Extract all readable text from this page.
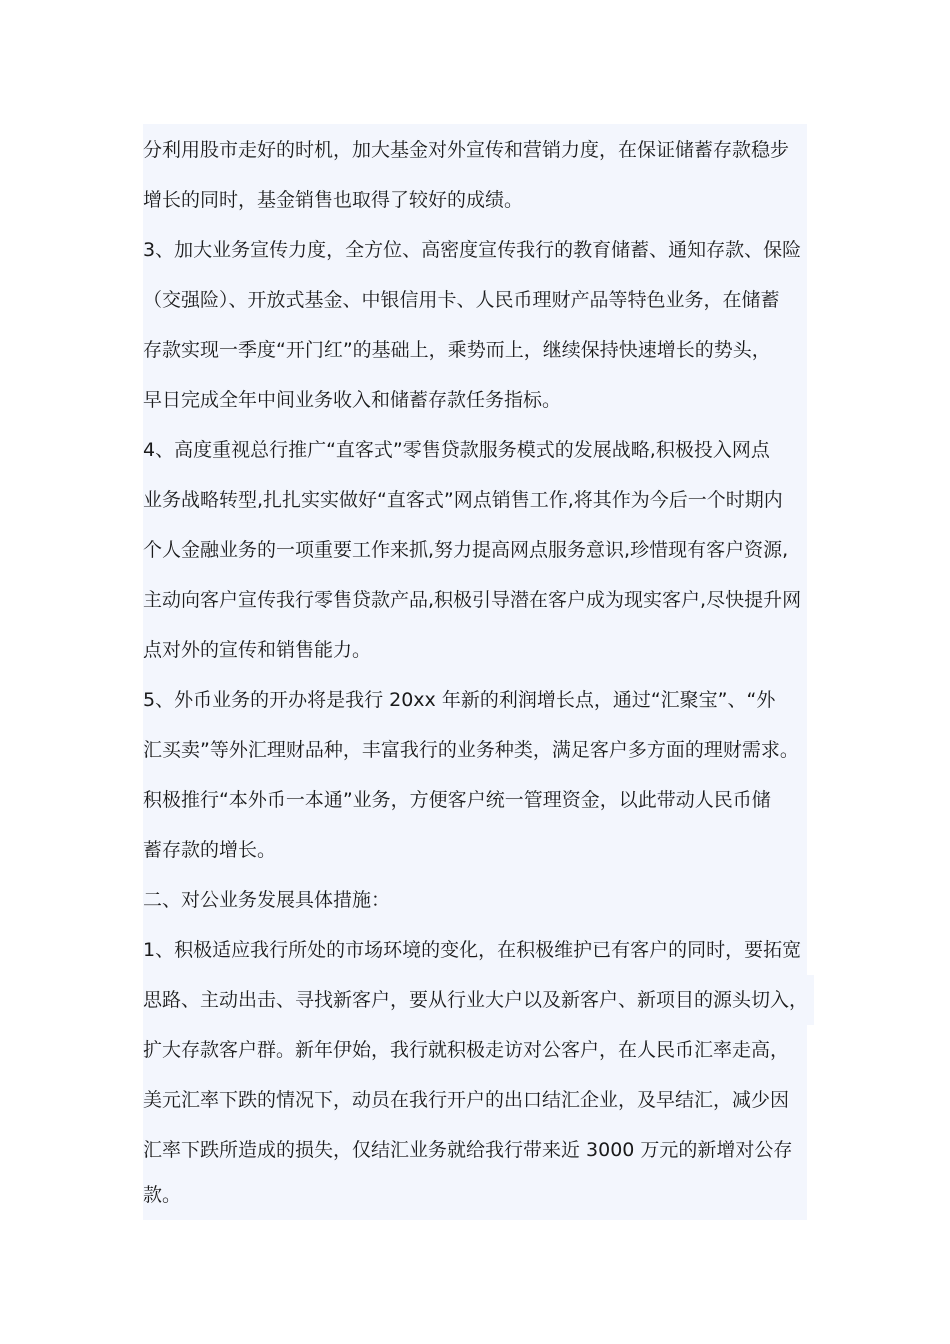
分利用股市走好的时机，加大基金对外宣传和营销力度，在保证储蓄存款稳步
增长的同时，基金销售也取得了较好的成绩。
3、加大业务宣传力度，全方位、高密度宣传我行的教育储蓄、通知存款、保险
（交强险）、开放式基金、中银信用卡、人民币理财产品等特色业务，在储蓄
存款实现一季度“开门红”的基础上，乘势而上，继续保持快速增长的势头，
早日完成全年中间业务收入和储蓄存款任务指标。
4、高度重视总行推广“直客式”零售贷款服务模式的发展战略,积极投入网点
业务战略转型,扎扎实实做好“直客式”网点销售工作,将其作为今后一个时期内
个人金融业务的一项重要工作来抓,努力提高网点服务意识,珍惜现有客户资源,
主动向客户宣传我行零售贷款产品,积极引导潜在客户成为现实客户,尽快提升网
点对外的宣传和销售能力。
5、外币业务的开办将是我行 20xx 年新的利润增长点，通过“汇聚宝”、“外
汇买卖”等外汇理财品种，丰富我行的业务种类，满足客户多方面的理财需求。
积极推行“本外币一本通”业务，方便客户统一管理资金，以此带动人民币储
蓄存款的增长。
二、对公业务发展具体措施：
1、积极适应我行所处的市场环境的变化，在积极维护已有客户的同时，要拓宽
思路、主动出击、寻找新客户，要从行业大户以及新客户、新项目的源头切入，
扩大存款客户群。新年伊始，我行就积极走访对公客户，在人民币汇率走高，
美元汇率下跌的情况下，动员在我行开户的出口结汇企业，及早结汇，减少因
汇率下跌所造成的损失，仅结汇业务就给我行带来近 3000 万元的新增对公存
款。
